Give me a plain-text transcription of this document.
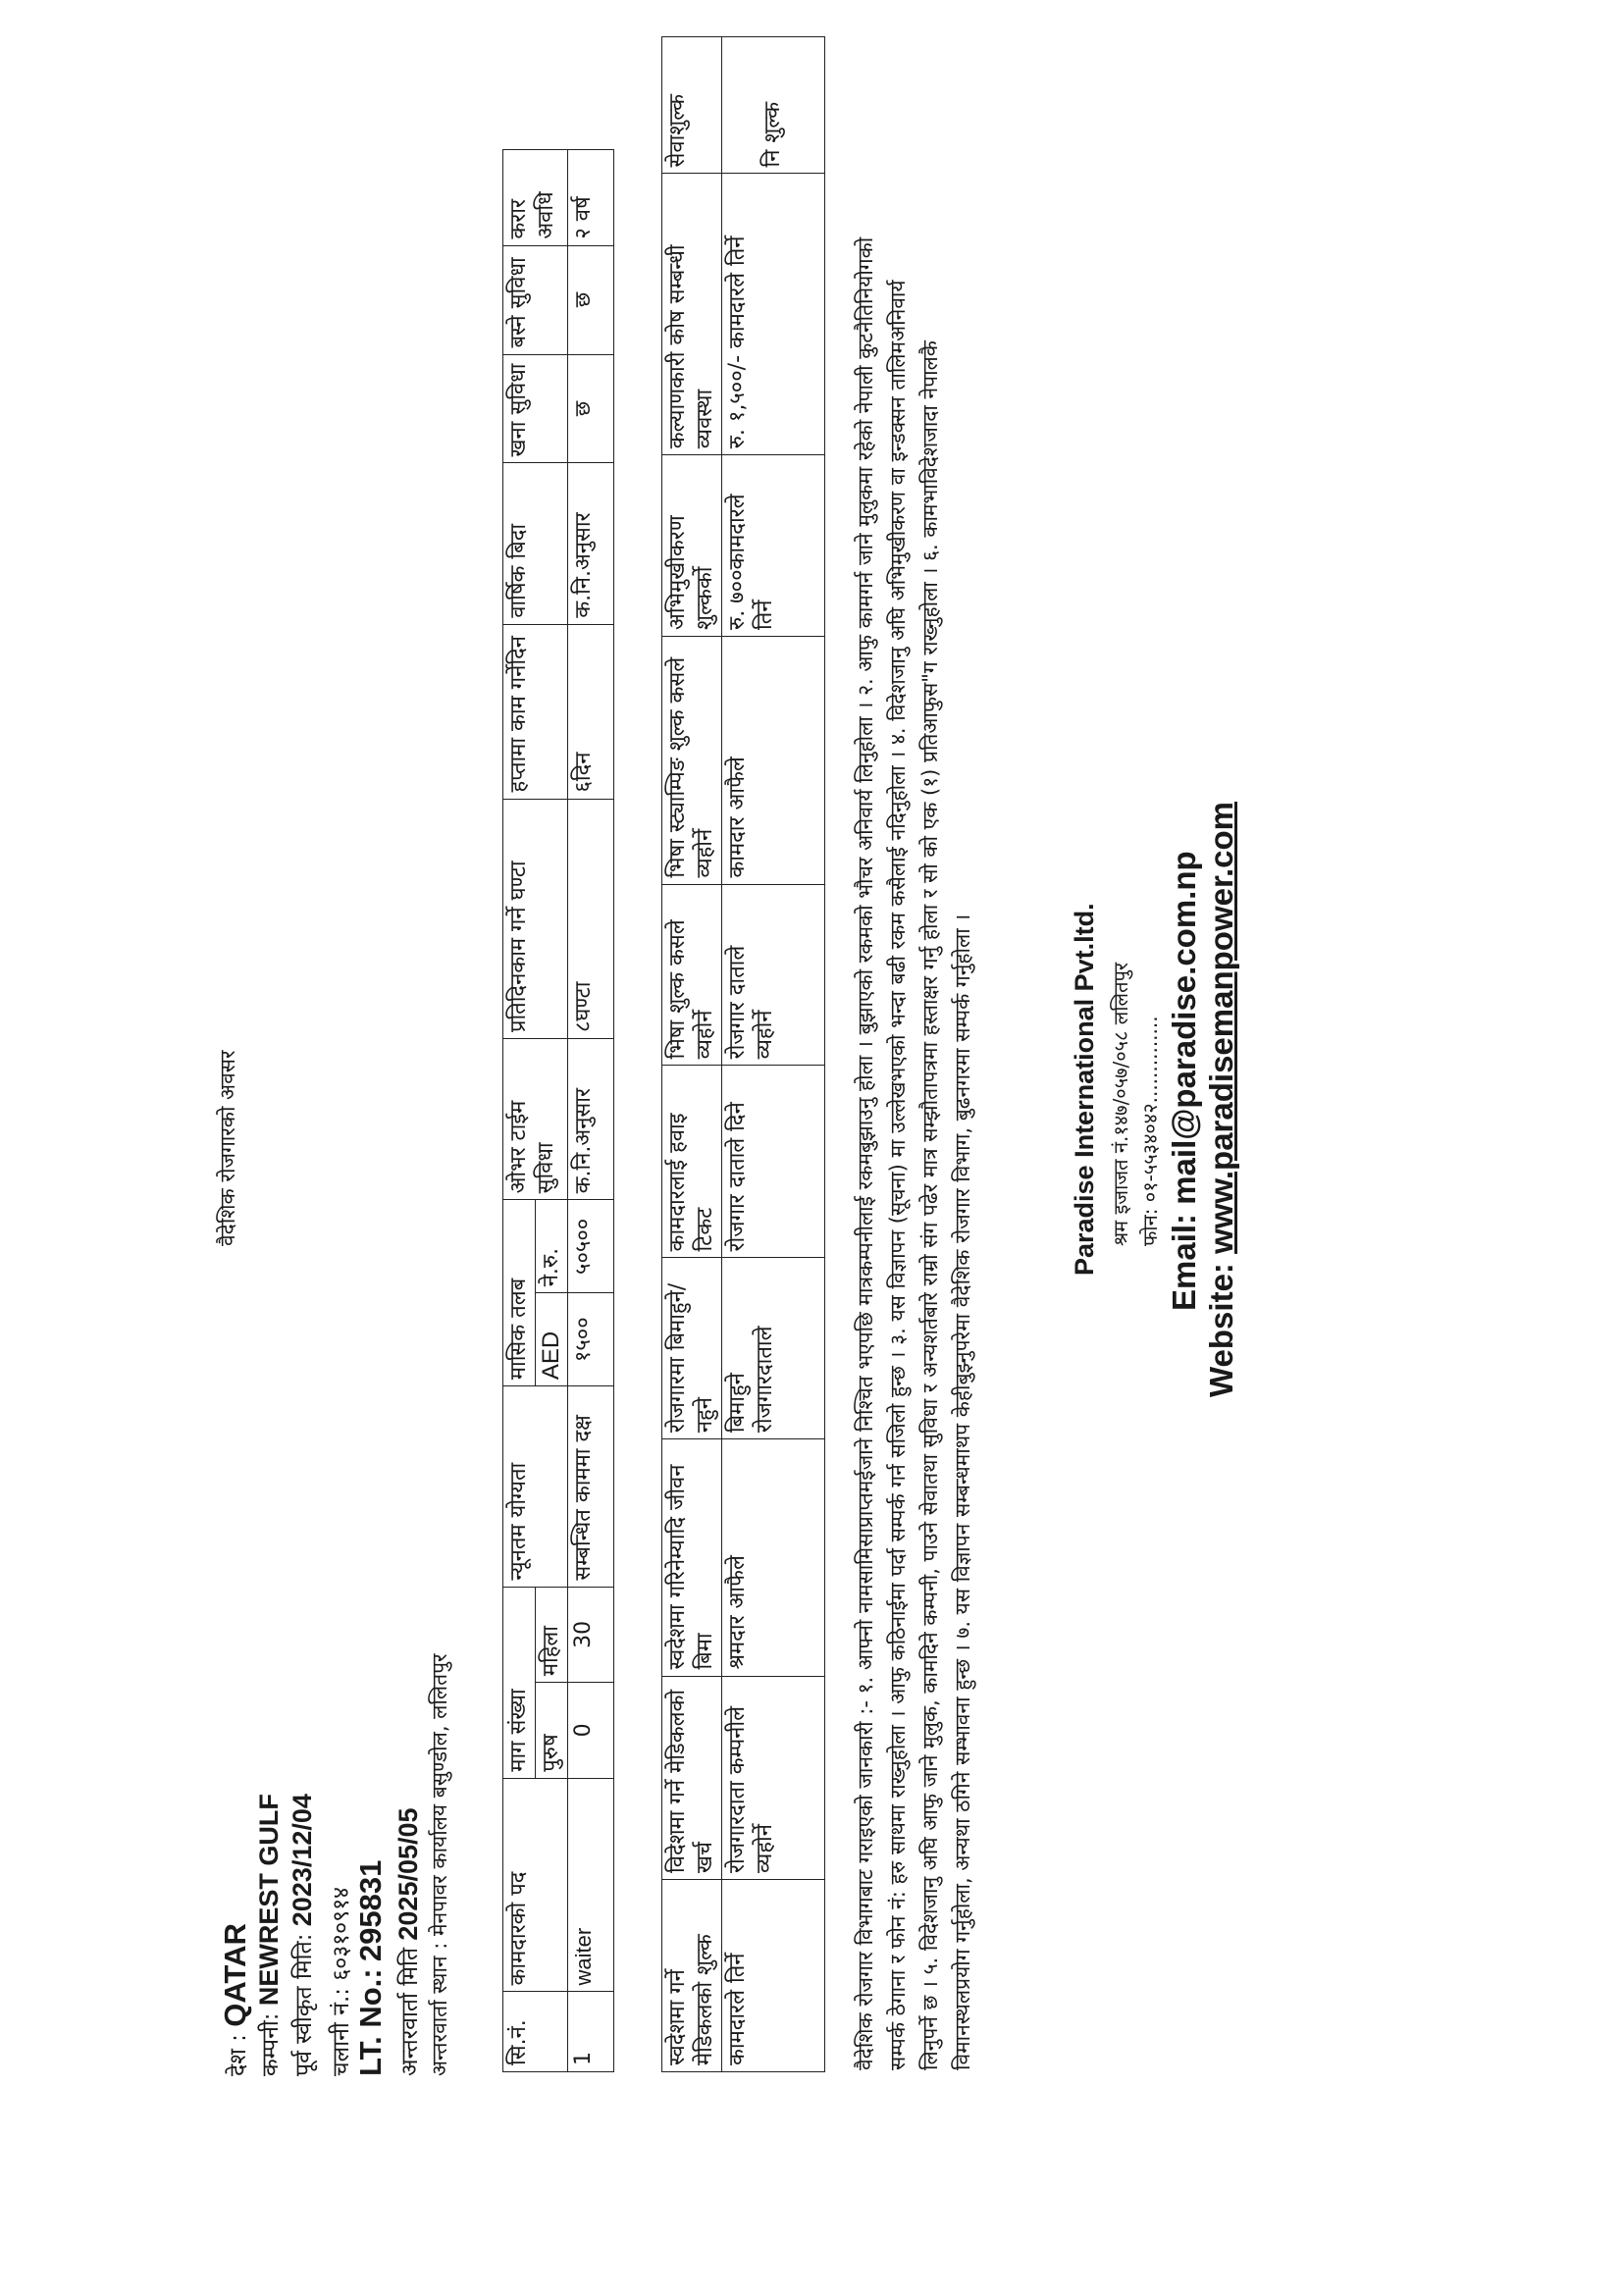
वैदेशिक रोजगारको अवसर
देश : QATAR
कम्पनी: NEWREST GULF पूर्व स्वीकृत मिति: 2023/12/04
चलानी नं.: ६०३१०९१४
LT. No.: 295831
अन्तरवार्ता मिति 2025/05/05 अन्तरवार्ता स्थान : मेनपावर कार्यालय बसुण्डोल, ललितपुर	सि.नं.	कामदारको पद	माग संख्या		न्यूनतम योग्यता	मासिक तलब		ओभर टाईम सुविधा	प्रतिदिनकाम गर्ने घण्टा	हप्तामा काम गर्नेदिन	वार्षिक बिदा	खना सुविधा	बस्ने सुविधा	करार अवधि
		पुरुष	महिला		AED	ने.रु.							
1	waiter	0	30	सम्बन्धित काममा दक्ष	१५००	५०५००	क.नि.अनुसार	८घण्टा	६दिन	क.नि.अनुसार	छ	छ	२ वर्ष
स्वदेशमा गर्ने मेडिकलको शुल्क	विदेशमा गर्ने मेडिकलको खर्च	स्वदेशमा गरिनेम्यादि जीवन बिमा	रोजगारमा बिमाहुने/नहुने	कामदारलाई हवाइ टिकट	भिषा शुल्क कसले व्यहोर्ने	भिषा स्ट्याम्पिङ शुल्क कसले व्यहोर्ने	अभिमुखीकरण शुल्कर्काे	कल्याणकारी कोष सम्बन्धी व्यवस्था	सेवाशुल्क
कामदारले तिर्ने	रोजगारदाता कम्पनीले व्यहोर्ने	श्रमदार आफैले	बिमाहुने रोजगारदाताले	रोजगार दाताले दिने	रोजगार दाताले व्यहोर्ने	कामदार आफैले	रु. ७००कामदारले तिर्ने	रु. १,५००/- कामदारले तिर्ने	नि शुल्क
वैदेशिक रोजगार विभागबाट गराइएको जानकारी :- १. आफ्नो नामसामिसाप्राप्तमईजाने निश्चित भएपछि मात्रकम्पनीलाई रकमबुझाउनु होला । बुझाएको रकमको भौचर अनिवार्य लिनुहोला । २. आफु कामगर्न जाने मुलुकमा रहेको नेपाली कुटनैतिनियोगको सम्पर्क ठेगाना र फोन नं: हरु साथमा राख्नुहोला । आफु कठिनाईमा पर्दा सम्पर्क गर्न सजिलो हुन्छ । ३. यस विज्ञापन (सूचना) मा उल्लेखभएको भन्दा बढी रकम कसैलाई नदिनुहोला । ४. विदेशजानु अघि अभिमुखीकरण वा इन्डक्सन तालिमअनिवार्य लिनुपर्ने छ । ५. विदेशजानु अघि आफु जाने मुलुक, कामदिने कम्पनी, पाउने सेवातथा सुविधा र अन्यशर्तबारे राम्रो संग पढेर मात्र सम्झौतापत्रमा हस्ताक्षर गर्नु होला र सो को एक (१) प्रतिआफुस"ग राख्नुहोला । ६. कामभाविदेशजादा नेपालकै विमानस्थलप्रयोग गर्नुहोला, अन्यथा ठगिने सम्भावना हुन्छ । ७. यस विज्ञापन सम्बन्धमाथप केहीबुझ्नुपरेमा वैदेशिक रोजगार विभाग, बुढनगरमा सम्पर्क गर्नुहोला ।	Paradise International Pvt.ltd. श्रम इजाजत नं.१४७/०५७/०५८ ललितपुर फोन: ०१-५५३४०४२.............. Email: mail@paradise.com.np
Website: www.paradisemanpower.com
